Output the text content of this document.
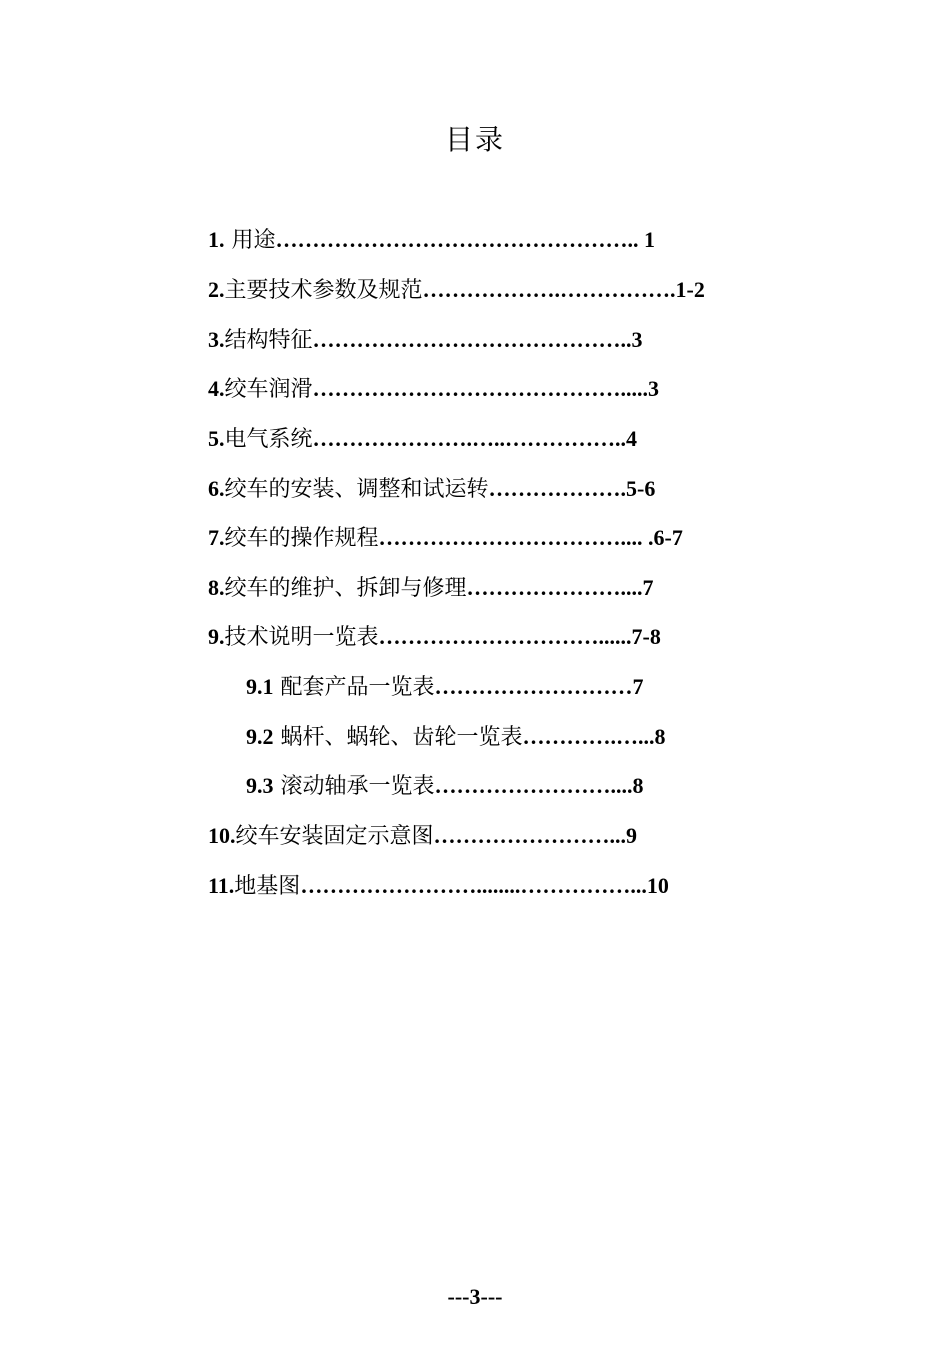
目录
1. 用途………………………………………….. 1
2.主要技术参数及规范……………….…………….1-2
3.结构特征……………………………………..3
4.绞车润滑…………………………………….....3
5.电气系统………………….…..……………..4
6.绞车的安装、调整和试运转……………….5-6
7.绞车的操作规程…………………………….... .6-7
8.绞车的维护、拆卸与修理…………………....7
9.技术说明一览表…………………………......7-8
9.1 配套产品一览表………………………7
9.2 蜗杆、蜗轮、齿轮一览表………….…...8
9.3 滚动轴承一览表……………………....8
10.绞车安装固定示意图……………………...9
11.地基图……………………........……………...10
---3---
